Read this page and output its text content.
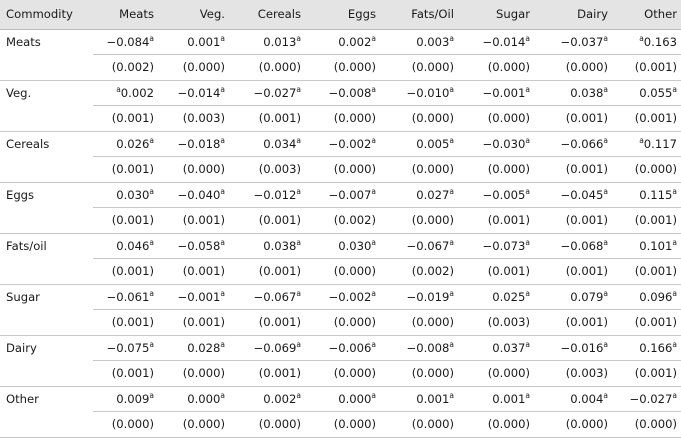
Commodity	Meats	Veg.	Cereals	Eggs	Fats/Oil	Sugar	Dairy	Other
Meats	−0.084$^a$	0.001$^a$	0.013$^a$	0.002$^a$	0.003$^a$	−0.014$^a$	−0.037$^a$	$^a$0.163
	(0.002)	(0.000)	(0.000)	(0.000)	(0.000)	(0.000)	(0.000)	(0.001)
Veg.	$^a$0.002	−0.014$^a$	−0.027$^a$	−0.008$^a$	−0.010$^a$	−0.001$^a$	0.038$^a$	0.055$^a$
	(0.001)	(0.003)	(0.001)	(0.000)	(0.000)	(0.000)	(0.001)	(0.001)
Cereals	0.026$^a$	−0.018$^a$	0.034$^a$	−0.002$^a$	0.005$^a$	−0.030$^a$	−0.066$^a$	$^a$0.117
	(0.001)	(0.000)	(0.003)	(0.000)	(0.000)	(0.000)	(0.001)	(0.000)
Eggs	0.030$^a$	−0.040$^a$	−0.012$^a$	−0.007$^a$	0.027$^a$	−0.005$^a$	−0.045$^a$	0.115$^a$
	(0.001)	(0.001)	(0.001)	(0.002)	(0.000)	(0.001)	(0.001)	(0.001)
Fats/oil	0.046$^a$	−0.058$^a$	0.038$^a$	0.030$^a$	−0.067$^a$	−0.073$^a$	−0.068$^a$	0.101$^a$
	(0.001)	(0.001)	(0.001)	(0.000)	(0.002)	(0.001)	(0.001)	(0.001)
Sugar	−0.061$^a$	−0.001$^a$	−0.067$^a$	−0.002$^a$	−0.019$^a$	0.025$^a$	0.079$^a$	0.096$^a$
	(0.001)	(0.001)	(0.001)	(0.000)	(0.000)	(0.003)	(0.001)	(0.001)
Dairy	−0.075$^a$	0.028$^a$	−0.069$^a$	−0.006$^a$	−0.008$^a$	0.037$^a$	−0.016$^a$	0.166$^a$
	(0.001)	(0.000)	(0.001)	(0.000)	(0.000)	(0.000)	(0.003)	(0.001)
Other	0.009$^a$	0.000$^a$	0.002$^a$	0.000$^a$	0.001$^a$	0.001$^a$	0.004$^a$	−0.027$^a$
	(0.000)	(0.000)	(0.000)	(0.000)	(0.000)	(0.000)	(0.000)	(0.000)
